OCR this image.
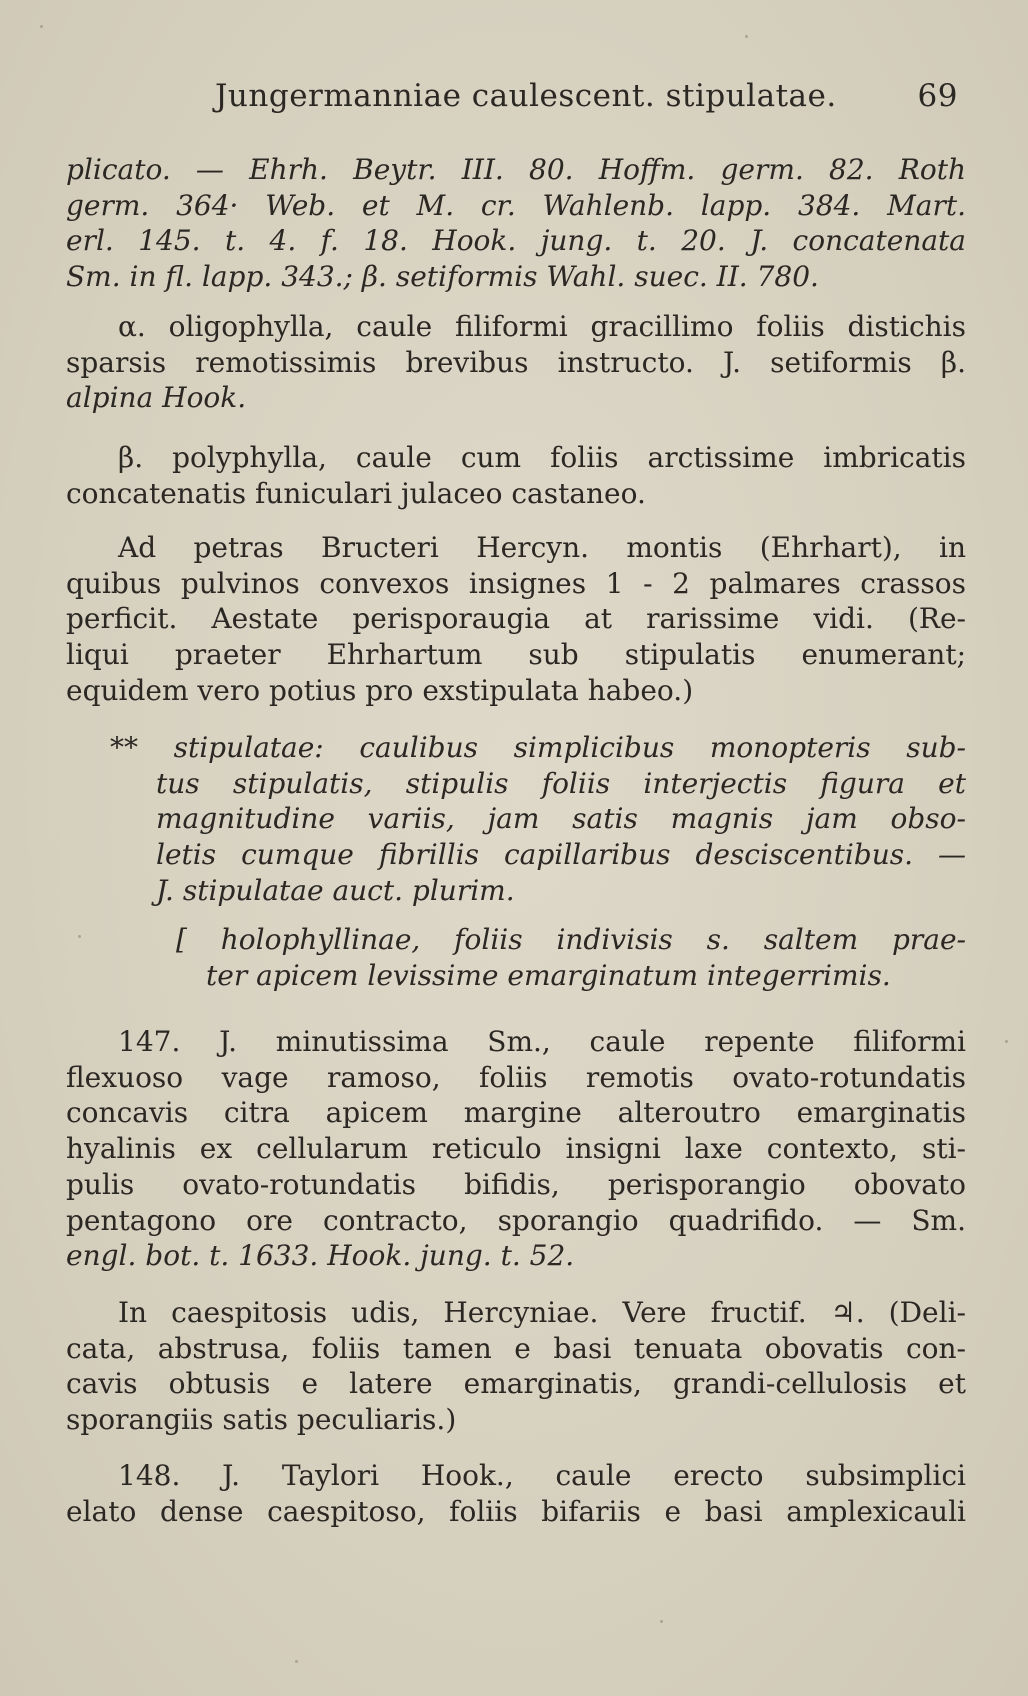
Jungermanniae caulescent. stipulatae.	69
plicato. — Ehrh. Beytr. III. 80. Hoffm. germ. 82. Roth
germ. 364· Web. et M. cr. Wahlenb. lapp. 384. Mart.
erl. 145. t. 4. f. 18. Hook. jung. t. 20. J. concatenata
Sm. in fl. lapp. 343.; β. setiformis Wahl. suec. II. 780.
α. oligophylla, caule filiformi gracillimo foliis distichis
sparsis remotissimis brevibus instructo. J. setiformis β.
alpina Hook.
β. polyphylla, caule cum foliis arctissime imbricatis
concatenatis funiculari julaceo castaneo.
Ad petras Bructeri Hercyn. montis (Ehrhart), in
quibus pulvinos convexos insignes 1 - 2 palmares crassos
perficit. Aestate perisporaugia at rarissime vidi. (Re-
liqui praeter Ehrhartum sub stipulatis enumerant;
equidem vero potius pro exstipulata habeo.)
** stipulatae: caulibus simplicibus monopteris sub-
tus stipulatis, stipulis foliis interjectis figura et
magnitudine variis, jam satis magnis jam obso-
letis cumque fibrillis capillaribus desciscentibus. —
J. stipulatae auct. plurim.
[ holophyllinae, foliis indivisis s. saltem prae-
ter apicem levissime emarginatum integerrimis.
147. J. minutissima Sm., caule repente filiformi
flexuoso vage ramoso, foliis remotis ovato-rotundatis
concavis citra apicem margine alteroutro emarginatis
hyalinis ex cellularum reticulo insigni laxe contexto, sti-
pulis ovato-rotundatis bifidis, perisporangio obovato
pentagono ore contracto, sporangio quadrifido. — Sm.
engl. bot. t. 1633. Hook. jung. t. 52.
In caespitosis udis, Hercyniae. Vere fructif. ♃. (Deli-
cata, abstrusa, foliis tamen e basi tenuata obovatis con-
cavis obtusis e latere emarginatis, grandi-cellulosis et
sporangiis satis peculiaris.)
148. J. Taylori Hook., caule erecto subsimplici
elato dense caespitoso, foliis bifariis e basi amplexicauli
